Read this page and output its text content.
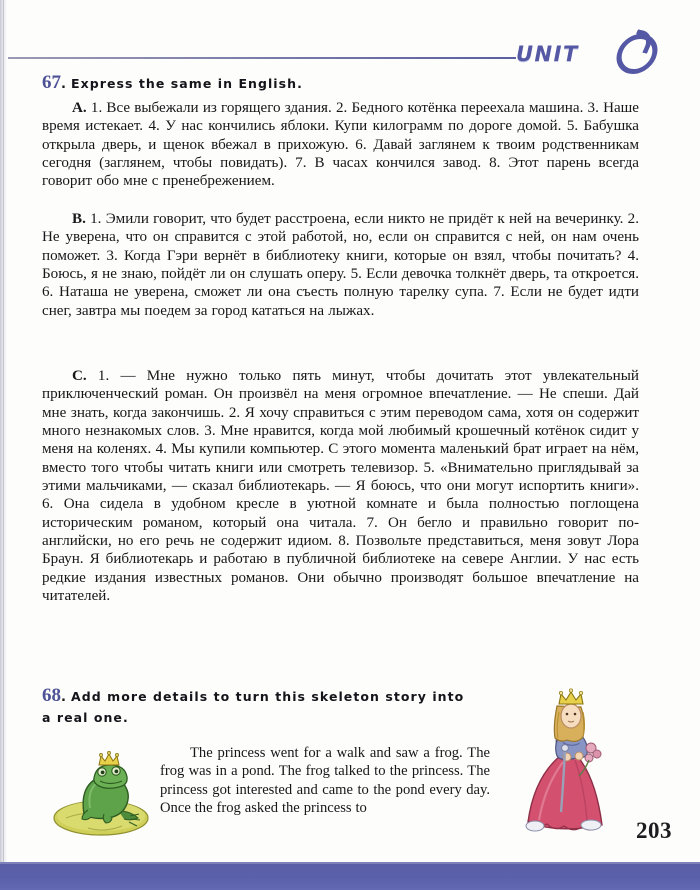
UNIT
67. Express the same in English.
A. 1. Все выбежали из горящего здания. 2. Бедного котёнка переехала машина. 3. Наше время истекает. 4. У нас кончились яблоки. Купи килограмм по дороге домой. 5. Бабушка открыла дверь, и щенок вбежал в прихожую. 6. Давай заглянем к твоим родственникам сегодня (заглянем, чтобы повидать). 7. В часах кончился завод. 8. Этот парень всегда говорит обо мне с пренебрежением.
B. 1. Эмили говорит, что будет расстроена, если никто не придёт к ней на вечеринку. 2. Не уверена, что он справится с этой работой, но, если он справится с ней, он нам очень поможет. 3. Когда Гэри вернёт в библиотеку книги, которые он взял, чтобы почитать? 4. Боюсь, я не знаю, пойдёт ли он слушать оперу. 5. Если девочка толкнёт дверь, та откроется. 6. Наташа не уверена, сможет ли она съесть полную тарелку супа. 7. Если не будет идти снег, завтра мы поедем за город кататься на лыжах.
C. 1. — Мне нужно только пять минут, чтобы дочитать этот увлекательный приключенческий роман. Он произвёл на меня огромное впечатление. — Не спеши. Дай мне знать, когда закончишь. 2. Я хочу справиться с этим переводом сама, хотя он содержит много незнакомых слов. 3. Мне нравится, когда мой любимый крошечный котёнок сидит у меня на коленях. 4. Мы купили компьютер. С этого момента маленький брат играет на нём, вместо того чтобы читать книги или смотреть телевизор. 5. «Внимательно приглядывай за этими мальчиками, — сказал библиотекарь. — Я боюсь, что они могут испортить книги». 6. Она сидела в удобном кресле в уютной комнате и была полностью поглощена историческим романом, который она читала. 7. Он бегло и правильно говорит по-английски, но его речь не содержит идиом. 8. Позвольте представиться, меня зовут Лора Браун. Я библиотекарь и работаю в публичной библиотеке на севере Англии. У нас есть редкие издания известных романов. Они обычно производят большое впечатление на читателей.
68. Add more details to turn this skeleton story into a real one.
The princess went for a walk and saw a frog. The frog was in a pond. The frog talked to the princess. The princess got interested and came to the pond every day. Once the frog asked the princess to
203
